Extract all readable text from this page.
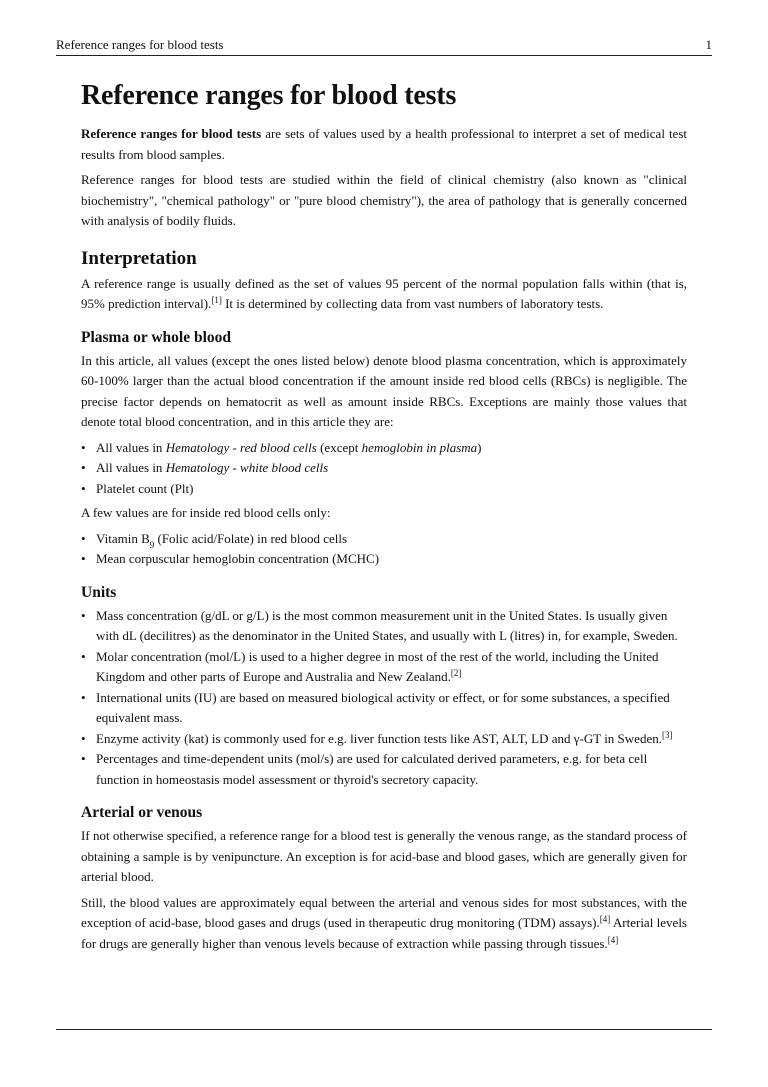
Reference ranges for blood tests	1
Reference ranges for blood tests

Reference ranges for blood tests are sets of values used by a health professional to interpret a set of medical test results from blood samples.

Reference ranges for blood tests are studied within the field of clinical chemistry (also known as "clinical biochemistry", "chemical pathology" or "pure blood chemistry"), the area of pathology that is generally concerned with analysis of bodily fluids.

Interpretation

A reference range is usually defined as the set of values 95 percent of the normal population falls within (that is, 95% prediction interval).[1] It is determined by collecting data from vast numbers of laboratory tests.

Plasma or whole blood

In this article, all values (except the ones listed below) denote blood plasma concentration, which is approximately 60-100% larger than the actual blood concentration if the amount inside red blood cells (RBCs) is negligible. The precise factor depends on hematocrit as well as amount inside RBCs. Exceptions are mainly those values that denote total blood concentration, and in this article they are:

• All values in Hematology - red blood cells (except hemoglobin in plasma)
• All values in Hematology - white blood cells
• Platelet count (Plt)

A few values are for inside red blood cells only:

• Vitamin $B_9$ (Folic acid/Folate) in red blood cells
• Mean corpuscular hemoglobin concentration (MCHC)
Units
• Mass concentration (g/dL or g/L) is the most common measurement unit in the United States. Is usually given with dL (decilitres) as the denominator in the United States, and usually with L (litres) in, for example, Sweden.
• Molar concentration (mol/L) is used to a higher degree in most of the rest of the world, including the United Kingdom and other parts of Europe and Australia and New Zealand.[2]
• International units (IU) are based on measured biological activity or effect, or for some substances, a specified equivalent mass.
• Enzyme activity (kat) is commonly used for e.g. liver function tests like AST, ALT, LD and γ-GT in Sweden.[3]
• Percentages and time-dependent units (mol/s) are used for calculated derived parameters, e.g. for beta cell function in homeostasis model assessment or thyroid's secretory capacity.
Arterial or venous

If not otherwise specified, a reference range for a blood test is generally the venous range, as the standard process of obtaining a sample is by venipuncture. An exception is for acid-base and blood gases, which are generally given for arterial blood.

Still, the blood values are approximately equal between the arterial and venous sides for most substances, with the exception of acid-base, blood gases and drugs (used in therapeutic drug monitoring (TDM) assays).[4] Arterial levels for drugs are generally higher than venous levels because of extraction while passing through tissues.[4]
